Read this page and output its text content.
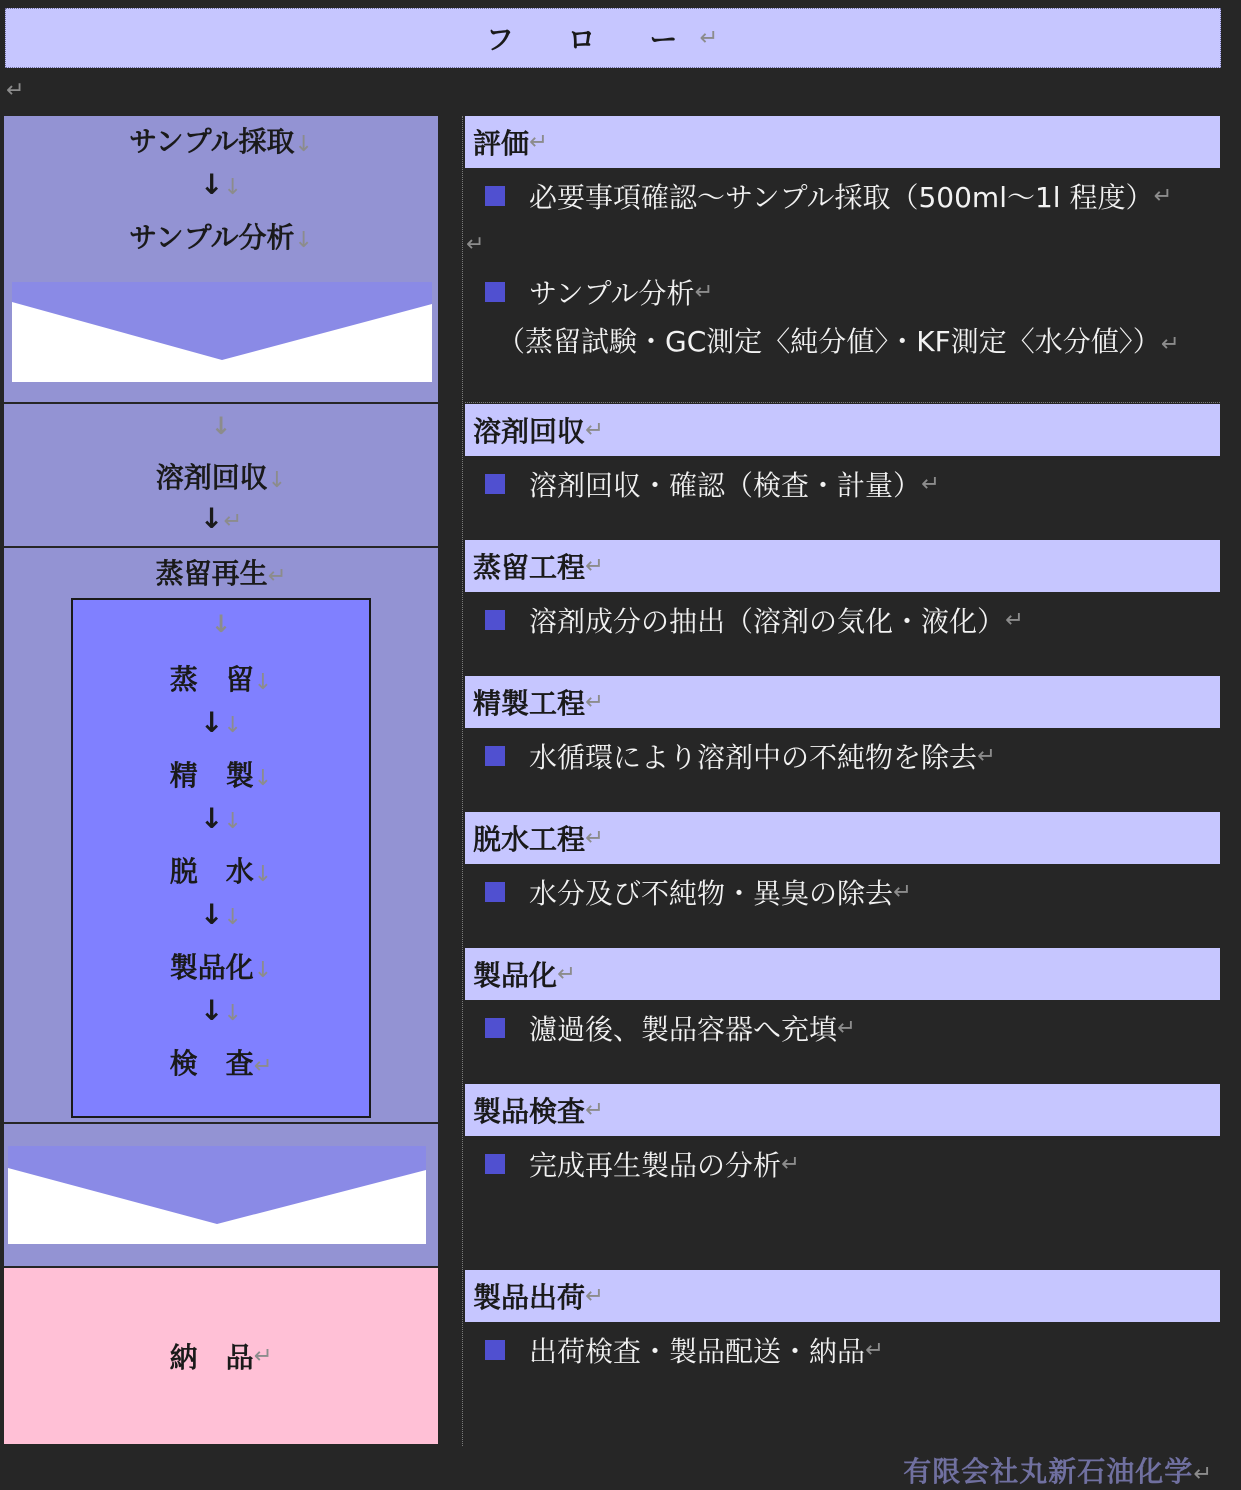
フ ロ ー ↵
↵
サンプル採取↓
↓↓
サンプル分析↓
↓
溶剤回収↓
↓↵
蒸留再生↵
↓
蒸　留↓
↓↓
精　製↓
↓↓
脱　水↓
↓↓
製品化↓
↓↓
検　査↵
納　品 ↵
評価 ↵
必要事項確認～サンプル採取（500ml～1l 程度） ↵
↵
サンプル分析 ↵
（蒸留試験・GC測定〈純分値〉・KF測定〈水分値〉）↵
溶剤回収 ↵
溶剤回収・確認（検査・計量） ↵
蒸留工程 ↵
溶剤成分の抽出（溶剤の気化・液化） ↵
精製工程 ↵
水循環により溶剤中の不純物を除去 ↵
脱水工程 ↵
水分及び不純物・異臭の除去 ↵
製品化 ↵
濾過後、製品容器へ充填 ↵
製品検査 ↵
完成再生製品の分析 ↵
製品出荷 ↵
出荷検査・製品配送・納品 ↵
有限会社丸新石油化学↵
